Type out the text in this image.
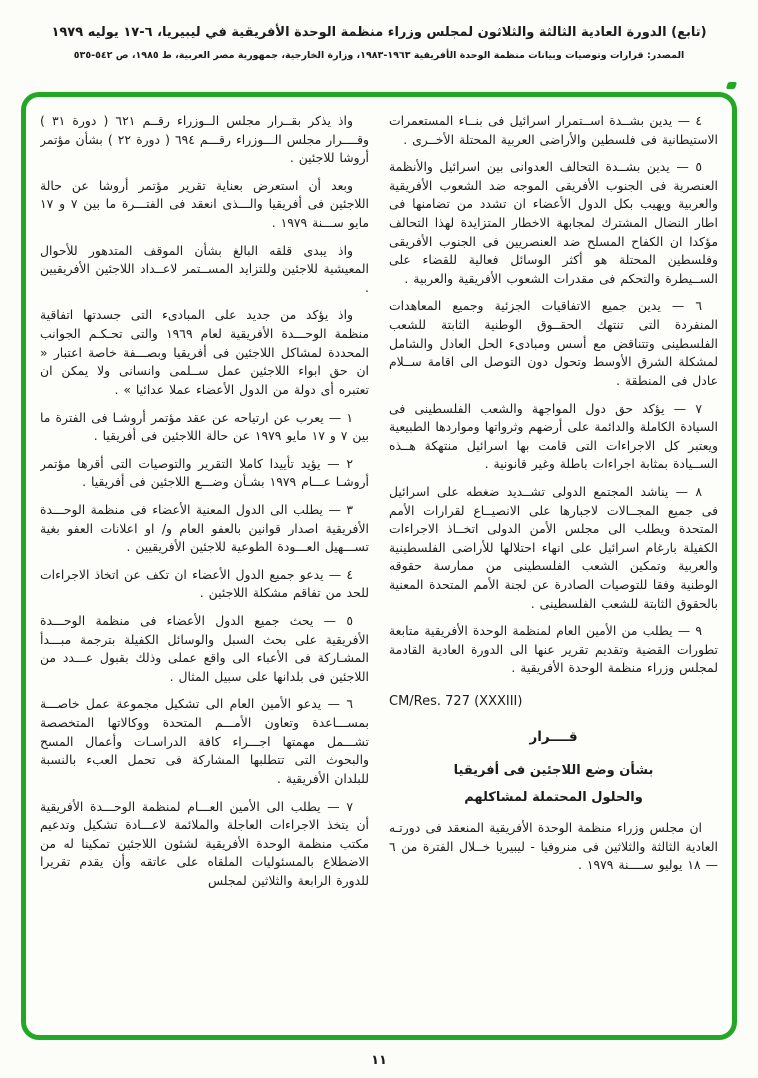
(تابع) الدورة العادية الثالثة والثلاثون لمجلس وزراء منظمة الوحدة الأفريقية في ليبيريا، ٦-١٧ يوليه ١٩٧٩
المصدر: قرارات وتوصيات وبيانات منظمة الوحدة الأفريقية ١٩٦٣-١٩٨٣، وزارة الخارجية، جمهورية مصر العربية، ط ١٩٨٥، ص ٥٤٢-٥٣٥

٤ — يدين بشــدة اســتمرار اسرائيل فى بنــاء المستعمرات الاستيطانية فى فلسطين والأراضى العربية المحتلة الأخــرى .

٥ — يدين بشــدة التحالف العدوانى بين اسرائيل والأنظمة العنصرية فى الجنوب الأفريقى الموجه ضد الشعوب الأفريقية والعربية ويهيب بكل الدول الأعضاء ان تشدد من تضامنها فى اطار النضال المشترك لمجابهة الاخطار المتزايدة لهذا التحالف مؤكدا ان الكفاح المسلح ضد العنصريين فى الجنوب الأفريقى وفلسطين المحتلة هو أكثر الوسائل فعالية للقضاء على الســيطرة والتحكم فى مقدرات الشعوب الأفريقية والعربية .

٦ — يدين جميع الاتفاقيات الجزئية وجميع المعاهدات المنفردة التى تنتهك الحقــوق الوطنية الثابتة للشعب الفلسطينى وتتناقض مع أسس ومبادىء الحل العادل والشامل لمشكلة الشرق الأوسط وتحول دون التوصل الى اقامة ســلام عادل فى المنطقة .

٧ — يؤكد حق دول المواجهة والشعب الفلسطينى فى السيادة الكاملة والدائمة على أرضهم وثرواتها ومواردها الطبيعية ويعتبر كل الاجراءات التى قامت بها اسرائيل منتهكة هــذه الســيادة بمثابة اجراءات باطلة وغير قانونية .

٨ — يناشد المجتمع الدولى تشــديد ضغطه على اسرائيل فى جميع المجــالات لاجبارها على الانصيــاع لقرارات الأمم المتحدة ويطلب الى مجلس الأمن الدولى اتخــاذ الاجراءات الكفيلة بارغام اسرائيل على انهاء احتلالها للأراضى الفلسطينية والعربية وتمكين الشعب الفلسطينى من ممارسة حقوقه الوطنية وفقا للتوصيات الصادرة عن لجنة الأمم المتحدة المعنية بالحقوق الثابتة للشعب الفلسطينى .

٩ — يطلب من الأمين العام لمنظمة الوحدة الأفريقية متابعة تطورات القضية وتقديم تقرير عنها الى الدورة العادية القادمة لمجلس وزراء منظمة الوحدة الأفريقية .

CM/Res. 727 (XXXIII)
قــــرار
بشأن وضع اللاجئين فى أفريقيا
والحلول المحتملة لمشاكلهم

ان مجلس وزراء منظمة الوحدة الأفريقية المنعقد فى دورتـه العادية الثالثة والثلاثين فى منروفيا - ليبيريا خــلال الفترة من ٦ — ١٨ يوليو ســــنة ١٩٧٩ .

واذ يذكر بقــرار مجلس الــوزراء رقــم ٦٢١ ( دورة ٣١ ) وقــــرار مجلس الـــوزراء رقـــم ٦٩٤ ( دورة ٢٢ ) بشأن مؤتمر أروشا للاجئين .

وبعد أن استعرض بعناية تقرير مؤتمر أروشا عن حالة اللاجئين فى أفريقيا والـــذى انعقد فى الفتـــرة ما بين ٧ و ١٧ مايو ســـنة ١٩٧٩ .

واذ يبدى قلقه البالغ بشأن الموقف المتدهور للأحوال المعيشية للاجئين وللتزايد المســتمر لاعــداد اللاجئين الأفريقيين .

واذ يؤكد من جديد على المبادىء التى جسدتها اتفاقية منظمة الوحـــدة الأفريقية لعام ١٩٦٩ والتى تحـكـم الجوانب المحددة لمشاكل اللاجئين فى أفريقيا وبصـــفة خاصة اعتبار « ان حق ابواء اللاجئين عمل ســلمى وانسانى ولا يمكن ان تعتبره أى دولة من الدول الأعضاء عملا عدائيا » .

١ — يعرب عن ارتياحه عن عقد مؤتمر أروشـا فى الفترة ما بين ٧ و ١٧ مايو ١٩٧٩ عن حالة اللاجئين فى أفريقيا .

٢ — يؤيد تأييدا كاملا التقرير والتوصيات التى أقرها مؤتمر أروشـا عـــام ١٩٧٩ بشـأن وضـــع اللاجئين فى أفريقيا .

٣ — يطلب الى الدول المعنية الأعضاء فى منظمة الوحـــدة الأفريقية اصدار قوانين بالعفو العام و/ او اعلانات العفو بغية تســـهيل العـــودة الطوعية للاجئين الأفريقيين .

٤ — يدعو جميع الدول الأعضاء ان تكف عن اتخاذ الاجراءات للحد من تفاقم مشكلة اللاجئين .

٥ — يحث جميع الدول الأعضاء فى منظمة الوحـــدة الأفريقية على بحث السبل والوسائل الكفيلة بترجمة مبـــدأ المشـاركة فى الأعباء الى واقع عملى وذلك بقبول عـــدد من اللاجئين فى بلدانها على سبيل المثال .

٦ — يدعو الأمين العام الى تشكيل مجموعة عمل خاصـــة بمســـاعدة وتعاون الأمـــم المتحدة ووكالاتها المتخصصة تشـــمل مهمتها اجـــراء كافة الدراسـات وأعمال المسح والبحوث التى تتطلبها المشاركة فى تحمل العبء بالنسبة للبلدان الأفريقية .

٧ — يطلب الى الأمين العـــام لمنظمة الوحـــدة الأفريقية أن يتخذ الاجراءات العاجلة والملائمة لاعـــادة تشكيل وتدعيم مكتب منظمة الوحدة الأفريقية لشئون اللاجئين تمكينا له من الاضطلاع بالمسئوليات الملقاه على عاتقه وأن يقدم تقريرا للدورة الرابعة والثلاثين لمجلس

١١
